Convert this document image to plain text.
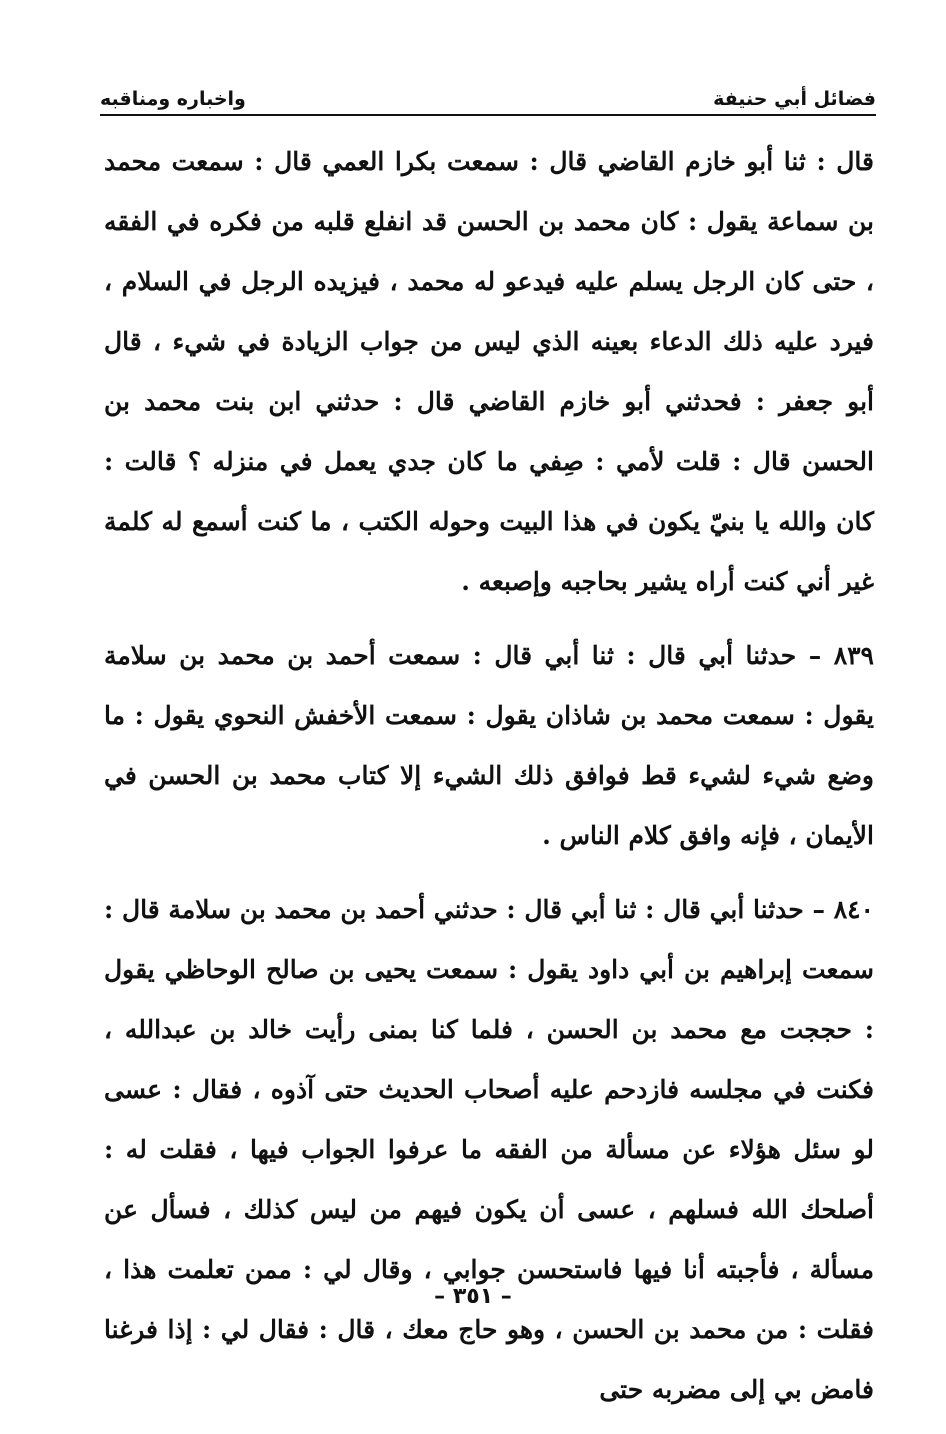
فضائل أبي حنيفة
واخباره ومناقبه

قال : ثنا أبو خازم القاضي قال : سمعت بكرا العمي قال : سمعت محمد بن سماعة يقول : كان محمد بن الحسن قد انفلع قلبه من فكره في الفقه ، حتى كان الرجل يسلم عليه فيدعو له محمد ، فيزيده الرجل في السلام ، فيرد عليه ذلك الدعاء بعينه الذي ليس من جواب الزيادة في شيء ، قال أبو جعفر : فحدثني أبو خازم القاضي قال : حدثني ابن بنت محمد بن الحسن قال : قلت لأمي : صِفي ما كان جدي يعمل في منزله ؟ قالت : كان والله يا بنيّ يكون في هذا البيت وحوله الكتب ، ما كنت أسمع له كلمة غير أني كنت أراه يشير بحاجبه وإصبعه .

٨٣٩ – حدثنا أبي قال : ثنا أبي قال : سمعت أحمد بن محمد بن سلامة يقول : سمعت محمد بن شاذان يقول : سمعت الأخفش النحوي يقول : ما وضع شيء لشيء قط فوافق ذلك الشيء إلا كتاب محمد بن الحسن في الأيمان ، فإنه وافق كلام الناس .

٨٤٠ – حدثنا أبي قال : ثنا أبي قال : حدثني أحمد بن محمد بن سلامة قال : سمعت إبراهيم بن أبي داود يقول : سمعت يحيى بن صالح الوحاظي يقول : حججت مع محمد بن الحسن ، فلما كنا بمنى رأيت خالد بن عبدالله ، فكنت في مجلسه فازدحم عليه أصحاب الحديث حتى آذوه ، فقال : عسى لو سئل هؤلاء عن مسألة من الفقه ما عرفوا الجواب فيها ، فقلت له : أصلحك الله فسلهم ، عسى أن يكون فيهم من ليس كذلك ، فسأل عن مسألة ، فأجبته أنا فيها فاستحسن جوابي ، وقال لي : ممن تعلمت هذا ، فقلت : من محمد بن الحسن ، وهو حاج معك ، قال : فقال لي : إذا فرغنا فامض بي إلى مضربه حتى

– ٣٥١ –
